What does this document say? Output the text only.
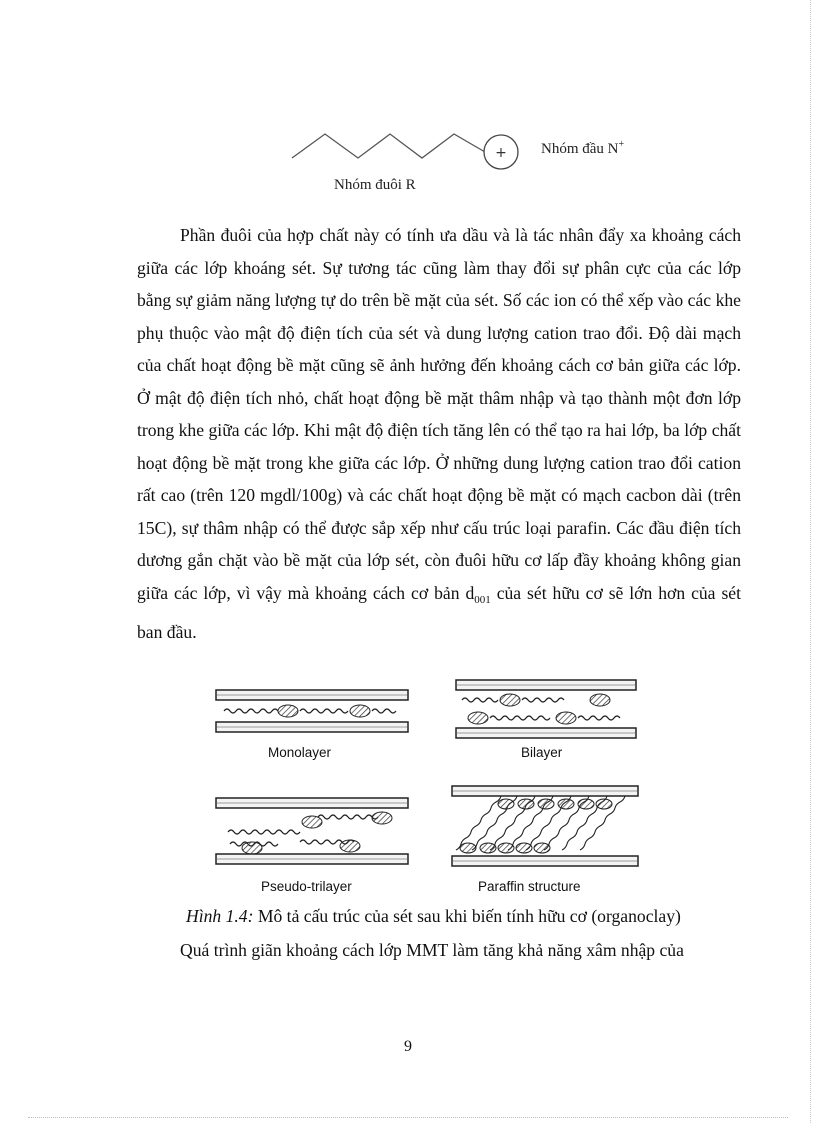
+ Nhóm đầu N+
Nhóm đuôi R

Phần đuôi của hợp chất này có tính ưa dầu và là tác nhân đẩy xa khoảng cách giữa các lớp khoáng sét. Sự tương tác cũng làm thay đổi sự phân cực của các lớp bằng sự giảm năng lượng tự do trên bề mặt của sét. Số các ion có thể xếp vào các khe phụ thuộc vào mật độ điện tích của sét và dung lượng cation trao đổi. Độ dài mạch của chất hoạt động bề mặt cũng sẽ ảnh hưởng đến khoảng cách cơ bản giữa các lớp. Ở mật độ điện tích nhỏ, chất hoạt động bề mặt thâm nhập và tạo thành một đơn lớp trong khe giữa các lớp. Khi mật độ điện tích tăng lên có thể tạo ra hai lớp, ba lớp chất hoạt động bề mặt trong khe giữa các lớp. Ở những dung lượng cation trao đổi cation rất cao (trên 120 mgdl/100g) và các chất hoạt động bề mặt có mạch cacbon dài (trên 15C), sự thâm nhập có thể được sắp xếp như cấu trúc loại parafin. Các đầu điện tích dương gắn chặt vào bề mặt của lớp sét, còn đuôi hữu cơ lấp đầy khoảng không gian giữa các lớp, vì vậy mà khoảng cách cơ bản $d_{001}$ của sét hữu cơ sẽ lớn hơn của sét ban đầu.

Monolayer	Bilayer
Pseudo-trilayer	Paraffin structure
Hình 1.4: Mô tả cấu trúc của sét sau khi biến tính hữu cơ (organoclay)
Quá trình giãn khoảng cách lớp MMT làm tăng khả năng xâm nhập của
9
